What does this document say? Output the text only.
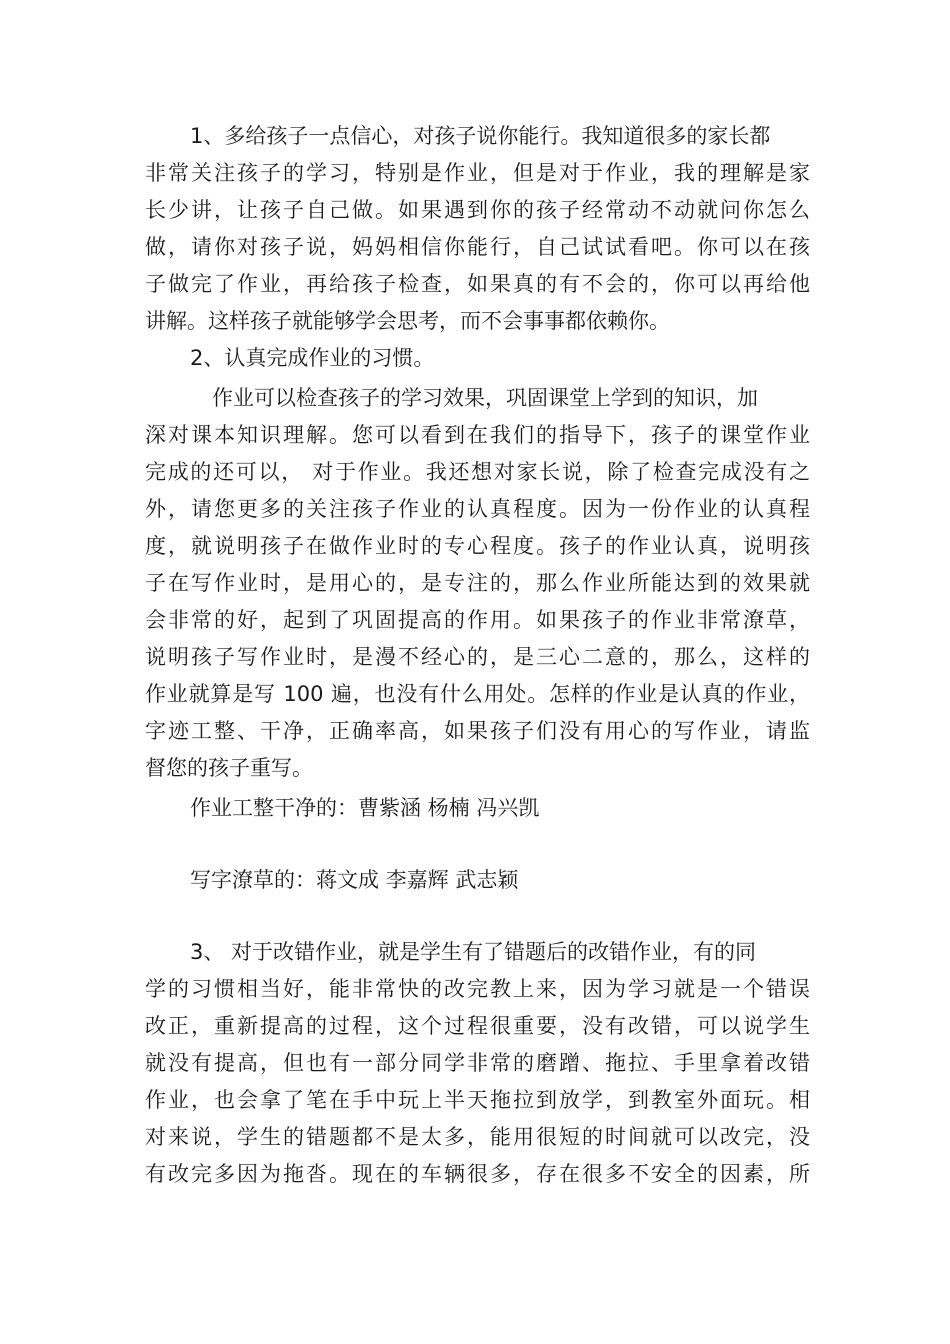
1、多给孩子一点信心，对孩子说你能行。我知道很多的家长都
非常关注孩子的学习，特别是作业，但是对于作业，我的理解是家
长少讲，让孩子自己做。如果遇到你的孩子经常动不动就问你怎么
做，请你对孩子说，妈妈相信你能行，自己试试看吧。你可以在孩
子做完了作业，再给孩子检查，如果真的有不会的，你可以再给他
讲解。这样孩子就能够学会思考，而不会事事都依赖你。
2、认真完成作业的习惯。
作业可以检查孩子的学习效果，巩固课堂上学到的知识，加
深对课本知识理解。您可以看到在我们的指导下，孩子的课堂作业
完成的还可以， 对于作业。我还想对家长说，除了检查完成没有之
外，请您更多的关注孩子作业的认真程度。因为一份作业的认真程
度，就说明孩子在做作业时的专心程度。孩子的作业认真，说明孩
子在写作业时，是用心的，是专注的，那么作业所能达到的效果就
会非常的好，起到了巩固提高的作用。如果孩子的作业非常潦草，
说明孩子写作业时，是漫不经心的，是三心二意的，那么，这样的
作业就算是写 100 遍，也没有什么用处。怎样的作业是认真的作业，
字迹工整、干净，正确率高，如果孩子们没有用心的写作业，请监
督您的孩子重写。
作业工整干净的：曹紫涵 杨楠 冯兴凯
写字潦草的：蒋文成 李嘉辉 武志颖
3、 对于改错作业，就是学生有了错题后的改错作业，有的同
学的习惯相当好，能非常快的改完教上来，因为学习就是一个错误
改正，重新提高的过程，这个过程很重要，没有改错，可以说学生
就没有提高，但也有一部分同学非常的磨蹭、拖拉、手里拿着改错
作业，也会拿了笔在手中玩上半天拖拉到放学，到教室外面玩。相
对来说，学生的错题都不是太多，能用很短的时间就可以改完，没
有改完多因为拖沓。现在的车辆很多，存在很多不安全的因素，所
